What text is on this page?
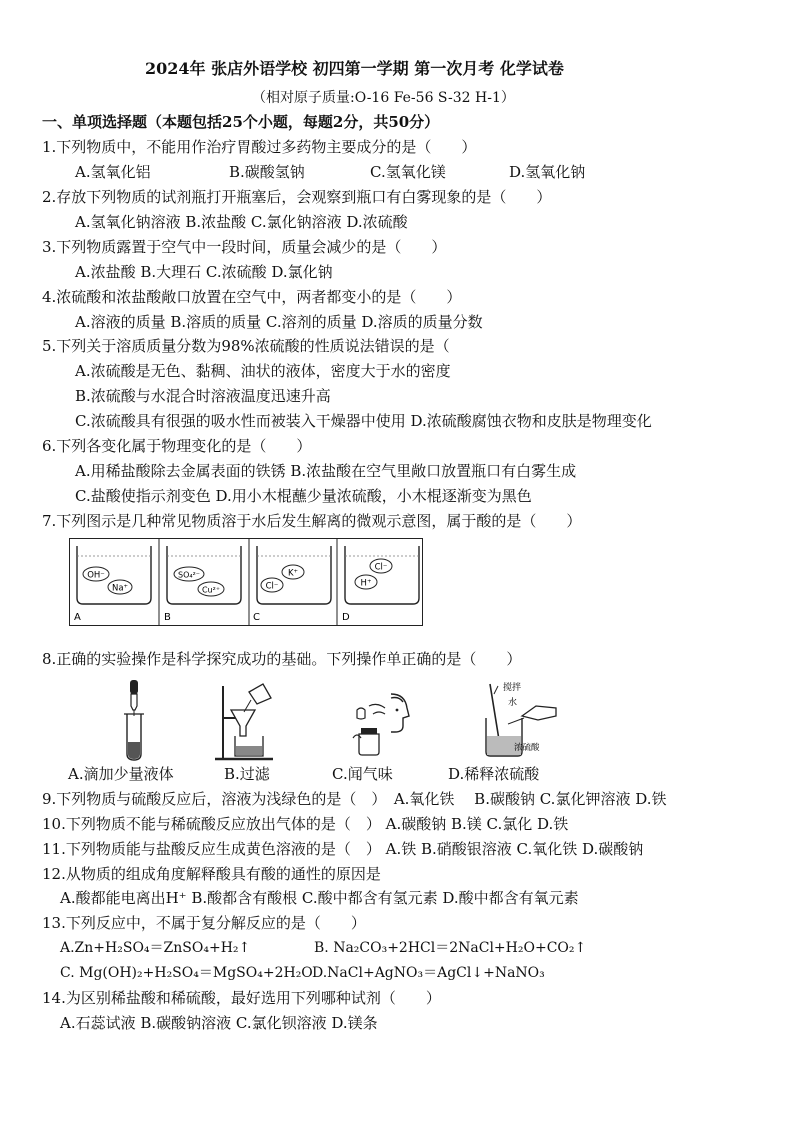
2024年 张店外语学校 初四第一学期 第一次月考 化学试卷
（相对原子质量:O-16 Fe-56 S-32 H-1）
一、单项选择题（本题包括25个小题，每题2分，共50分）
1.下列物质中，不能用作治疗胃酸过多药物主要成分的是（　　）
A.氢氧化铝	B.碳酸氢钠	C.氢氧化镁	D.氢氧化钠
2.存放下列物质的试剂瓶打开瓶塞后，会观察到瓶口有白雾现象的是（　　）
A.氢氧化钠溶液 B.浓盐酸 C.氯化钠溶液 D.浓硫酸
3.下列物质露置于空气中一段时间，质量会减少的是（　　）
A.浓盐酸 B.大理石 C.浓硫酸 D.氯化钠
4.浓硫酸和浓盐酸敞口放置在空气中，两者都变小的是（　　）
A.溶液的质量 B.溶质的质量 C.溶剂的质量 D.溶质的质量分数
5.下列关于溶质质量分数为98%浓硫酸的性质说法错误的是（
A.浓硫酸是无色、黏稠、油状的液体，密度大于水的密度
B.浓硫酸与水混合时溶液温度迅速升高
C.浓硫酸具有很强的吸水性而被装入干燥器中使用 D.浓硫酸腐蚀衣物和皮肤是物理变化
6.下列各变化属于物理变化的是（　　）
A.用稀盐酸除去金属表面的铁锈 B.浓盐酸在空气里敞口放置瓶口有白雾生成
C.盐酸使指示剂变色 D.用小木棍蘸少量浓硫酸，小木棍逐渐变为黑色
7.下列图示是几种常见物质溶于水后发生解离的微观示意图，属于酸的是（　　）
OH⁻
Na⁺
SO₄²⁻
Cu²⁺
K⁺
Cl⁻
Cl⁻
H⁺
A	B	C	D
8.正确的实验操作是科学探究成功的基础。下列操作单正确的是（　　）
搅拌
水
浓硫酸
A.滴加少量液体	B.过滤	C.闻气味	D.稀释浓硫酸
9.下列物质与硫酸反应后，溶液为浅绿色的是（　）　A.氧化铁　 B.碳酸钠 C.氯化钾溶液 D.铁
10.下列物质不能与稀硫酸反应放出气体的是（　） A.碳酸钠 B.镁 C.氯化 D.铁
11.下列物质能与盐酸反应生成黄色溶液的是（　） A.铁 B.硝酸银溶液 C.氧化铁 D.碳酸钠
12.从物质的组成角度解释酸具有酸的通性的原因是
A.酸都能电离出H⁺ B.酸都含有酸根 C.酸中都含有氢元素 D.酸中都含有氧元素
13.下列反应中，不属于复分解反应的是（　　）
A.Zn+H₂SO₄＝ZnSO₄+H₂↑	B. Na₂CO₃+2HCl＝2NaCl+H₂O+CO₂↑
C. Mg(OH)₂+H₂SO₄＝MgSO₄+2H₂O D.NaCl+AgNO₃＝AgCl↓+NaNO₃
14.为区别稀盐酸和稀硫酸，最好选用下列哪种试剂（　　）
A.石蕊试液 B.碳酸钠溶液 C.氯化钡溶液 D.镁条
